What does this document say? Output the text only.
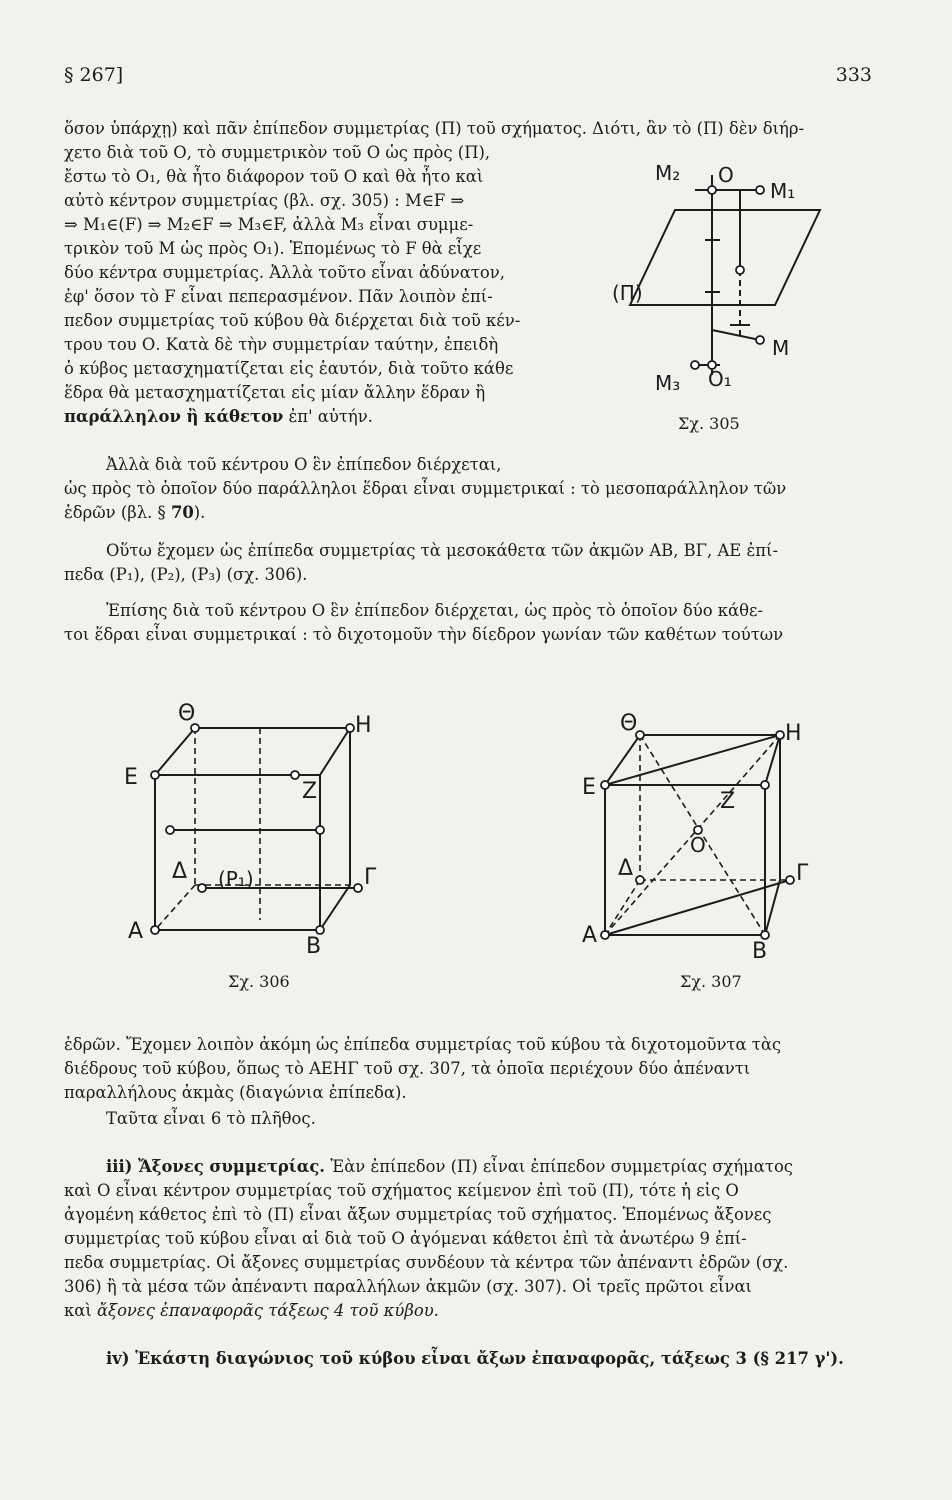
§ 267]	333
ὅσον ὑπάρχῃ) καὶ πᾶν ἐπίπεδον συμμετρίας (Π) τοῦ σχήματος. Διότι, ἂν τὸ (Π) δὲν διήρ-
χετο διὰ τοῦ Ο, τὸ συμμετρικὸν τοῦ Ο ὡς πρὸς (Π),
ἔστω τὸ Ο₁, θὰ ἦτο διάφορον τοῦ Ο καὶ θὰ ἦτο καὶ
αὐτὸ κέντρον συμμετρίας (βλ. σχ. 305) : Μ∈F ⇒
⇒ Μ₁∈(F) ⇒ Μ₂∈F ⇒ Μ₃∈F, ἀλλὰ Μ₃ εἶναι συμμε-
τρικὸν τοῦ Μ ὡς πρὸς Ο₁). Ἑπομένως τὸ F θὰ εἶχε
δύο κέντρα συμμετρίας. Ἀλλὰ τοῦτο εἶναι ἀδύνατον,
ἐφ' ὅσον τὸ F εἶναι πεπερασμένον. Πᾶν λοιπὸν ἐπί-
πεδον συμμετρίας τοῦ κύβου θὰ διέρχεται διὰ τοῦ κέν-
τρου του Ο. Κατὰ δὲ τὴν συμμετρίαν ταύτην, ἐπειδὴ
ὁ κύβος μετασχηματίζεται εἰς ἑαυτόν, διὰ τοῦτο κάθε
ἕδρα θὰ μετασχηματίζεται εἰς μίαν ἄλλην ἕδραν ἢ
παράλληλον ἢ κάθετον ἐπ' αὐτήν.
M₂ O
M₁
(Π)
M
M₃ O₁
Σχ. 305
Ἀλλὰ διὰ τοῦ κέντρου Ο ἓν ἐπίπεδον διέρχεται,
ὡς πρὸς τὸ ὁποῖον δύο παράλληλοι ἕδραι εἶναι συμμετρικαί : τὸ μεσοπαράλληλον τῶν
ἑδρῶν (βλ. § 70).
Οὕτω ἔχομεν ὡς ἐπίπεδα συμμετρίας τὰ μεσοκάθετα τῶν ἀκμῶν ΑΒ, ΒΓ, ΑΕ ἐπί-
πεδα (Ρ₁), (Ρ₂), (Ρ₃) (σχ. 306).
Ἐπίσης διὰ τοῦ κέντρου Ο ἓν ἐπίπεδον διέρχεται, ὡς πρὸς τὸ ὁποῖον δύο κάθε-
τοι ἕδραι εἶναι συμμετρικαί : τὸ διχοτομοῦν τὴν δίεδρον γωνίαν τῶν καθέτων τούτων
Θ	H
E
Z
Δ (P₁)	Γ
A
B
Σχ. 306
Θ	H
E
Z
O
Δ	Γ
A
B
Σχ. 307
ἑδρῶν. Ἔχομεν λοιπὸν ἀκόμη ὡς ἐπίπεδα συμμετρίας τοῦ κύβου τὰ διχοτομοῦντα τὰς
διέδρους τοῦ κύβου, ὅπως τὸ ΑΕΗΓ τοῦ σχ. 307, τὰ ὁποῖα περιέχουν δύο ἀπέναντι
παραλλήλους ἀκμὰς (διαγώνια ἐπίπεδα).
Ταῦτα εἶναι 6 τὸ πλῆθος.
iii) Ἄξονες συμμετρίας. Ἐὰν ἐπίπεδον (Π) εἶναι ἐπίπεδον συμμετρίας σχήματος
καὶ Ο εἶναι κέντρον συμμετρίας τοῦ σχήματος κείμενον ἐπὶ τοῦ (Π), τότε ἡ εἰς Ο
ἀγομένη κάθετος ἐπὶ τὸ (Π) εἶναι ἄξων συμμετρίας τοῦ σχήματος. Ἑπομένως ἄξονες
συμμετρίας τοῦ κύβου εἶναι αἱ διὰ τοῦ Ο ἀγόμεναι κάθετοι ἐπὶ τὰ ἀνωτέρω 9 ἐπί-
πεδα συμμετρίας. Οἱ ἄξονες συμμετρίας συνδέουν τὰ κέντρα τῶν ἀπέναντι ἑδρῶν (σχ.
306) ἢ τὰ μέσα τῶν ἀπέναντι παραλλήλων ἀκμῶν (σχ. 307). Οἱ τρεῖς πρῶτοι εἶναι
καὶ ἄξονες ἐπαναφορᾶς τάξεως 4 τοῦ κύβου.
iv) Ἑκάστη διαγώνιος τοῦ κύβου εἶναι ἄξων ἐπαναφορᾶς, τάξεως 3 (§ 217 γ').
